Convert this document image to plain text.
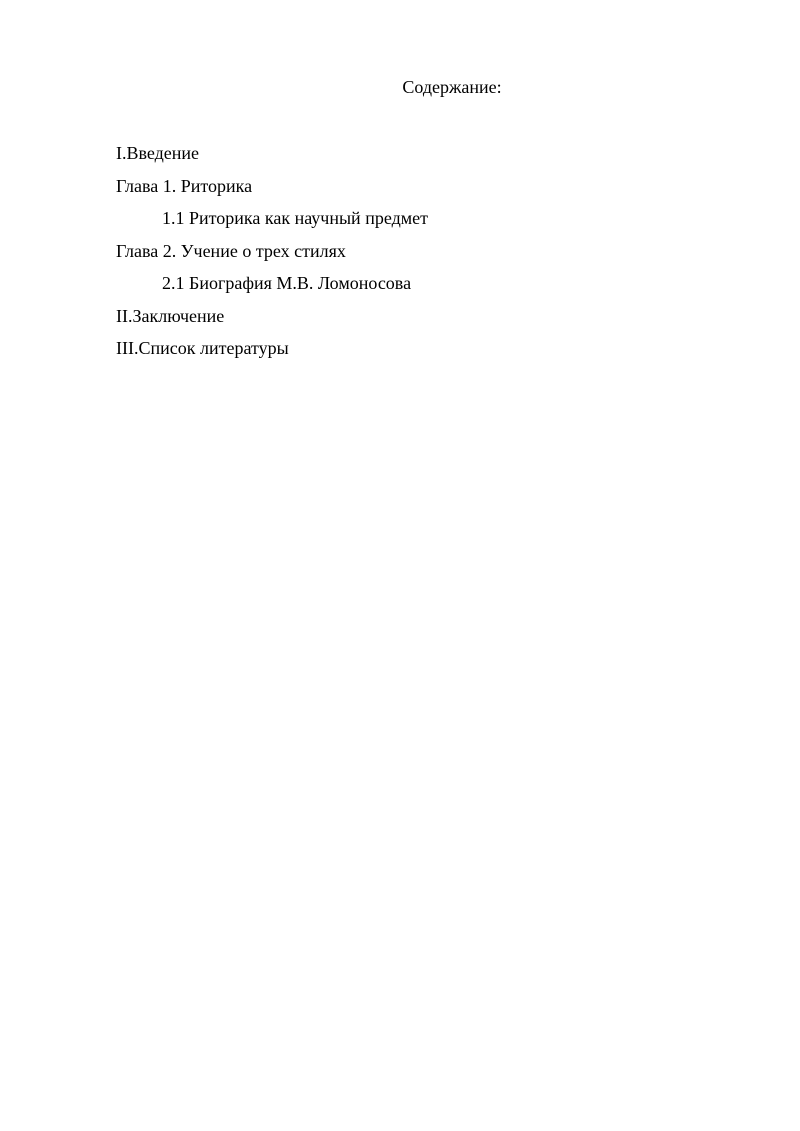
Содержание:
I.Введение
Глава 1. Риторика
1.1 Риторика как научный предмет
Глава 2. Учение о трех стилях
2.1 Биография М.В. Ломоносова
II.Заключение
III.Список литературы
